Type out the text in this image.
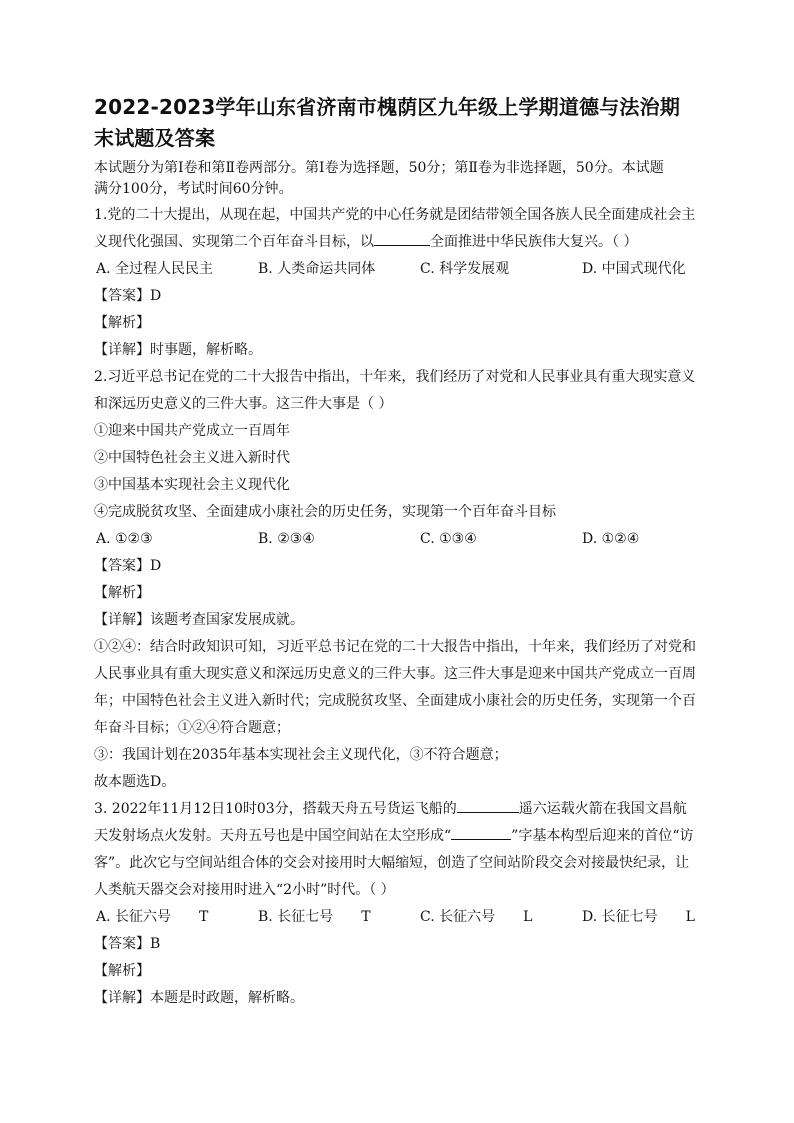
2022-2023学年山东省济南市槐荫区九年级上学期道德与法治期
末试题及答案

本试题分为第Ⅰ卷和第Ⅱ卷两部分。第Ⅰ卷为选择题，50分；第Ⅱ卷为非选择题，50分。本试题

满分100分，考试时间60分钟。

1.党的二十大提出，从现在起，中国共产党的中心任务就是团结带领全国各族人民全面建成社会主

义现代化强国、实现第二个百年奋斗目标，以	全面推进中华民族伟大复兴。（ ）

A. 全过程人民民主	B. 人类命运共同体	C. 科学发展观	D. 中国式现代化

【答案】D

【解析】

【详解】时事题，解析略。

2.习近平总书记在党的二十大报告中指出，十年来，我们经历了对党和人民事业具有重大现实意义

和深远历史意义的三件大事。这三件大事是（ ）

①迎来中国共产党成立一百周年

②中国特色社会主义进入新时代

③中国基本实现社会主义现代化

④完成脱贫攻坚、全面建成小康社会的历史任务，实现第一个百年奋斗目标

A. ①②③	B. ②③④	C. ①③④	D. ①②④

【答案】D

【解析】

【详解】该题考查国家发展成就。

①②④：结合时政知识可知，习近平总书记在党的二十大报告中指出，十年来，我们经历了对党和

人民事业具有重大现实意义和深远历史意义的三件大事。这三件大事是迎来中国共产党成立一百周

年；中国特色社会主义进入新时代；完成脱贫攻坚、全面建成小康社会的历史任务，实现第一个百

年奋斗目标；①②④符合题意；

③：我国计划在2035年基本实现社会主义现代化，③不符合题意；

故本题选D。

3. 2022年11月12日10时03分，搭载天舟五号货运飞船的	遥六运载火箭在我国文昌航

天发射场点火发射。天舟五号也是中国空间站在太空形成“	”字基本构型后迎来的首位“访

客”。此次它与空间站组合体的交会对接用时大幅缩短，创造了空间站阶段交会对接最快纪录，让

人类航天器交会对接用时进入“2小时”时代。（ ）

A. 长征六号 T	B. 长征七号 T	C. 长征六号 L	D. 长征七号 L

【答案】B

【解析】

【详解】本题是时政题，解析略。
